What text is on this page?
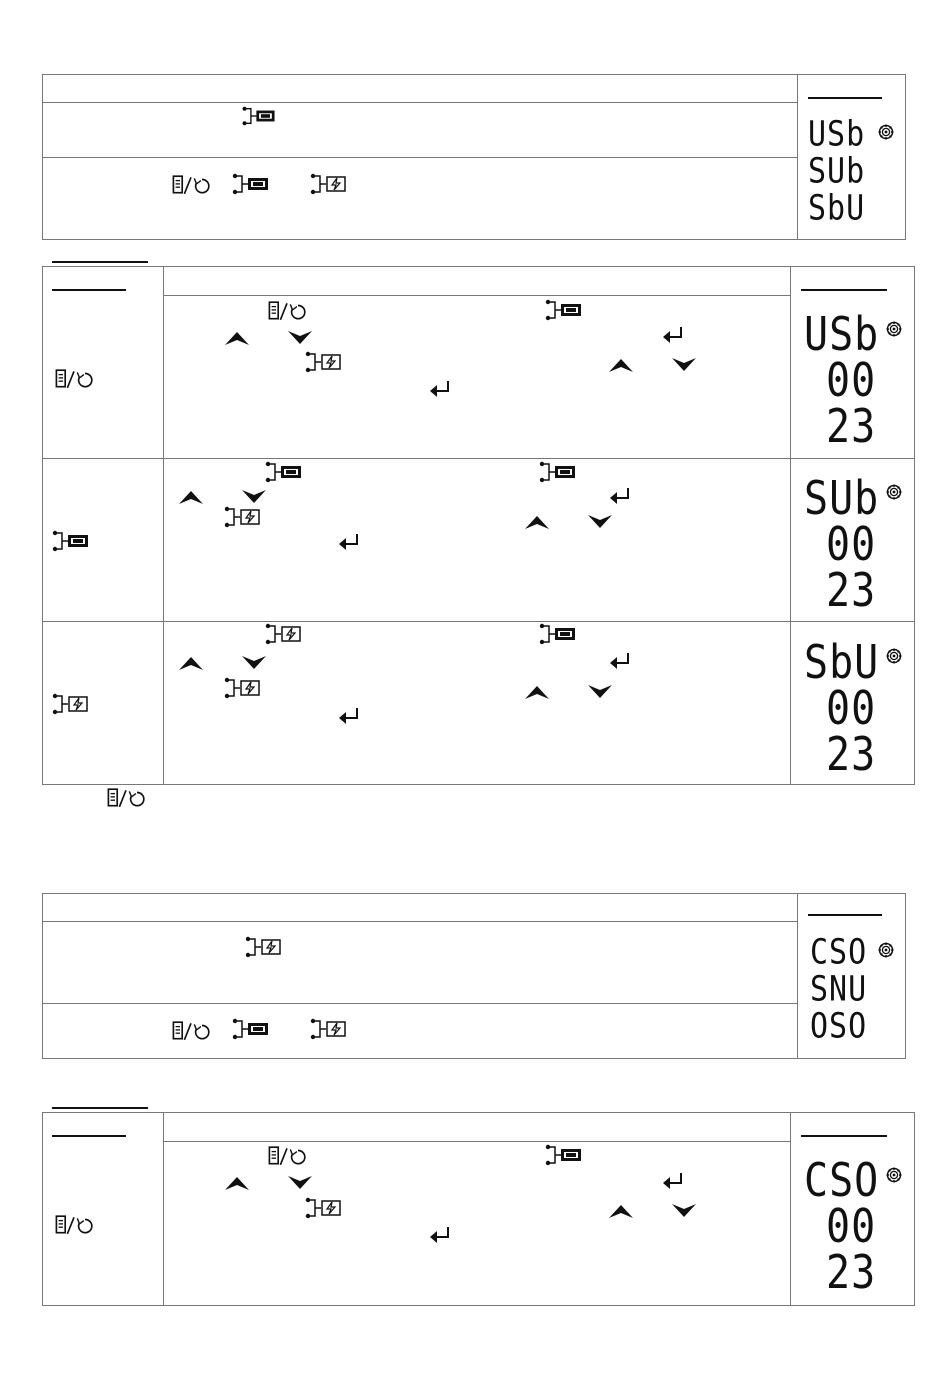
USb
SUb
SbU
USb
00
23
SUb
00
23
SbU
00
23
CSO
SNU
OSO
CSO
00
23
